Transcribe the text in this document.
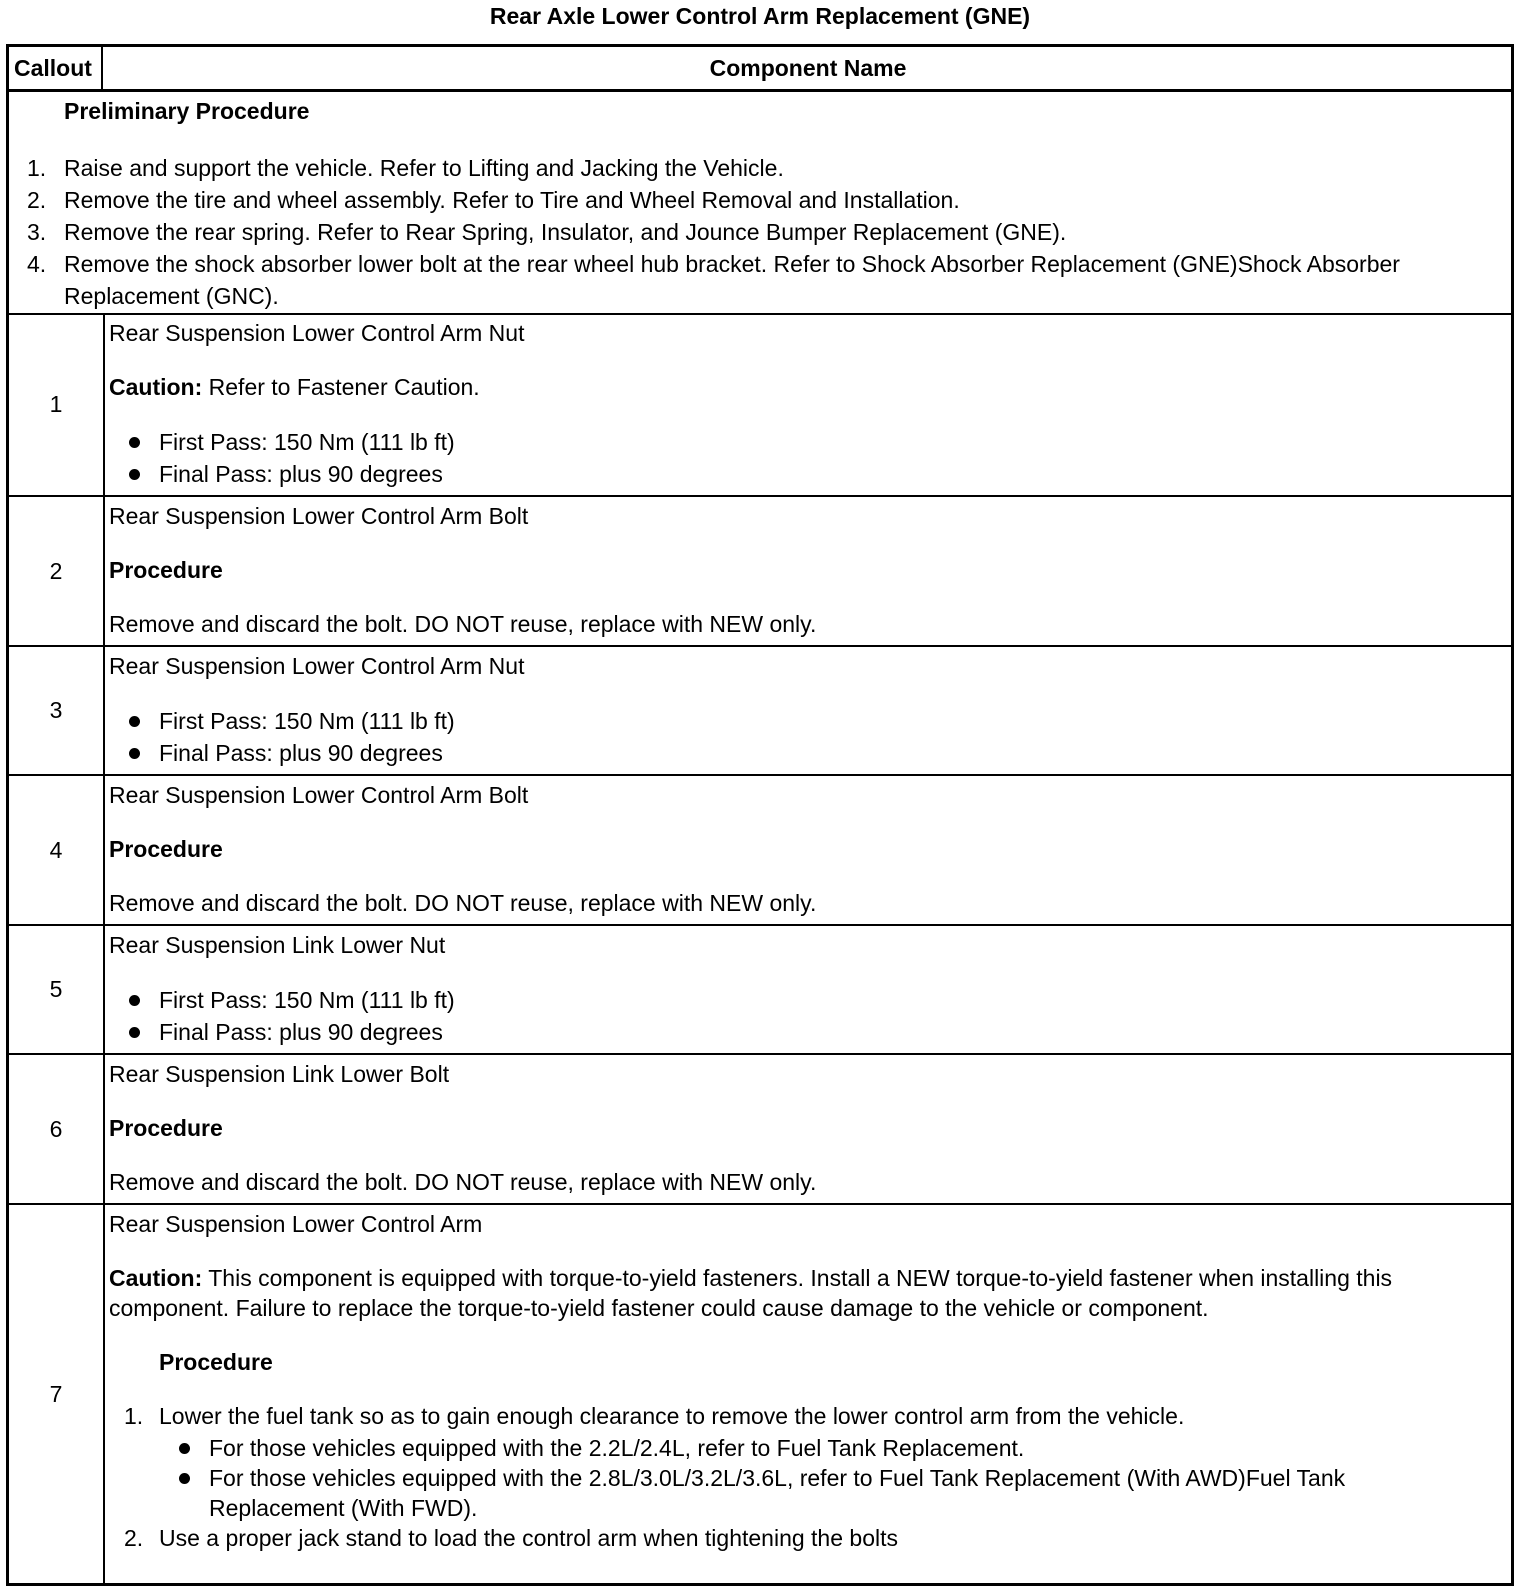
Rear Axle Lower Control Arm Replacement (GNE)
Callout	Component Name
Preliminary Procedure
1. Raise and support the vehicle. Refer to Lifting and Jacking the Vehicle.
2. Remove the tire and wheel assembly. Refer to Tire and Wheel Removal and Installation.
3. Remove the rear spring. Refer to Rear Spring, Insulator, and Jounce Bumper Replacement (GNE).
4. Remove the shock absorber lower bolt at the rear wheel hub bracket. Refer to Shock Absorber Replacement (GNE)Shock Absorber Replacement (GNC).
1
Rear Suspension Lower Control Arm Nut
Caution: Refer to Fastener Caution.
First Pass: 150 Nm (111 lb ft)
Final Pass: plus 90 degrees
2
Rear Suspension Lower Control Arm Bolt
Procedure
Remove and discard the bolt. DO NOT reuse, replace with NEW only.
3
Rear Suspension Lower Control Arm Nut
First Pass: 150 Nm (111 lb ft)
Final Pass: plus 90 degrees
4
Rear Suspension Lower Control Arm Bolt
Procedure
Remove and discard the bolt. DO NOT reuse, replace with NEW only.
5
Rear Suspension Link Lower Nut
First Pass: 150 Nm (111 lb ft)
Final Pass: plus 90 degrees
6
Rear Suspension Link Lower Bolt
Procedure
Remove and discard the bolt. DO NOT reuse, replace with NEW only.
7
Rear Suspension Lower Control Arm
Caution: This component is equipped with torque-to-yield fasteners. Install a NEW torque-to-yield fastener when installing this component. Failure to replace the torque-to-yield fastener could cause damage to the vehicle or component.
Procedure
1. Lower the fuel tank so as to gain enough clearance to remove the lower control arm from the vehicle.
For those vehicles equipped with the 2.2L/2.4L, refer to Fuel Tank Replacement.
For those vehicles equipped with the 2.8L/3.0L/3.2L/3.6L, refer to Fuel Tank Replacement (With AWD)Fuel Tank Replacement (With FWD).
2. Use a proper jack stand to load the control arm when tightening the bolts
